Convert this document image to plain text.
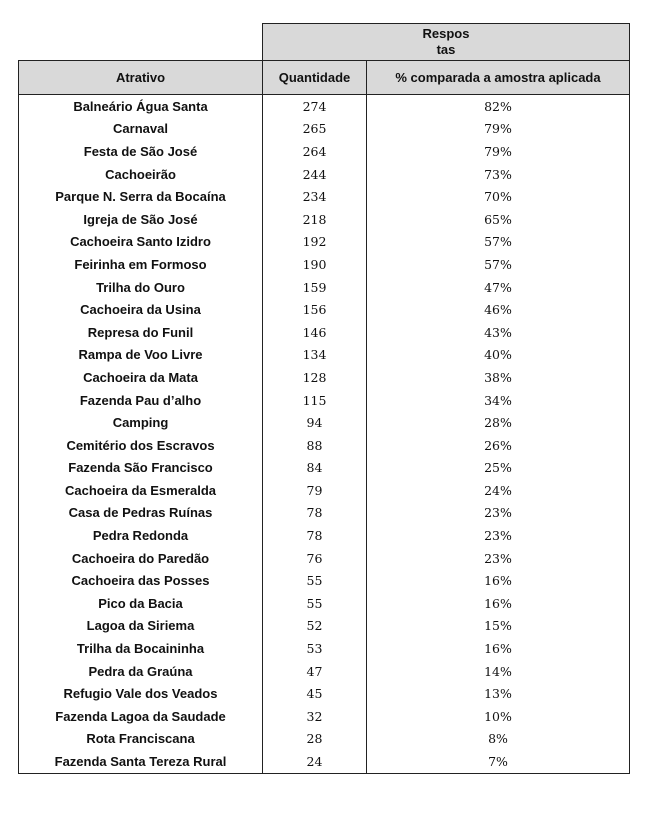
	Respos
tas	

Atrativo	Quantidade	% comparada a amostra aplicada

Balneário Água Santa	274	82%
Carnaval	265	79%
Festa de São José	264	79%
Cachoeirão	244	73%
Parque N. Serra da Bocaína	234	70%
Igreja de São José	218	65%
Cachoeira Santo Izidro	192	57%
Feirinha em Formoso	190	57%
Trilha do Ouro	159	47%
Cachoeira da Usina	156	46%
Represa do Funil	146	43%
Rampa de Voo Livre	134	40%
Cachoeira da Mata	128	38%
Fazenda Pau d’alho	115	34%
Camping	94	28%
Cemitério dos Escravos	88	26%
Fazenda São Francisco	84	25%
Cachoeira da Esmeralda	79	24%
Casa de Pedras Ruínas	78	23%
Pedra Redonda	78	23%
Cachoeira do Paredão	76	23%
Cachoeira das Posses	55	16%
Pico da Bacia	55	16%
Lagoa da Siriema	52	15%
Trilha da Bocaininha	53	16%
Pedra da Graúna	47	14%
Refugio Vale dos Veados	45	13%
Fazenda Lagoa da Saudade	32	10%
Rota Franciscana	28	8%
Fazenda Santa Tereza Rural	24	7%
